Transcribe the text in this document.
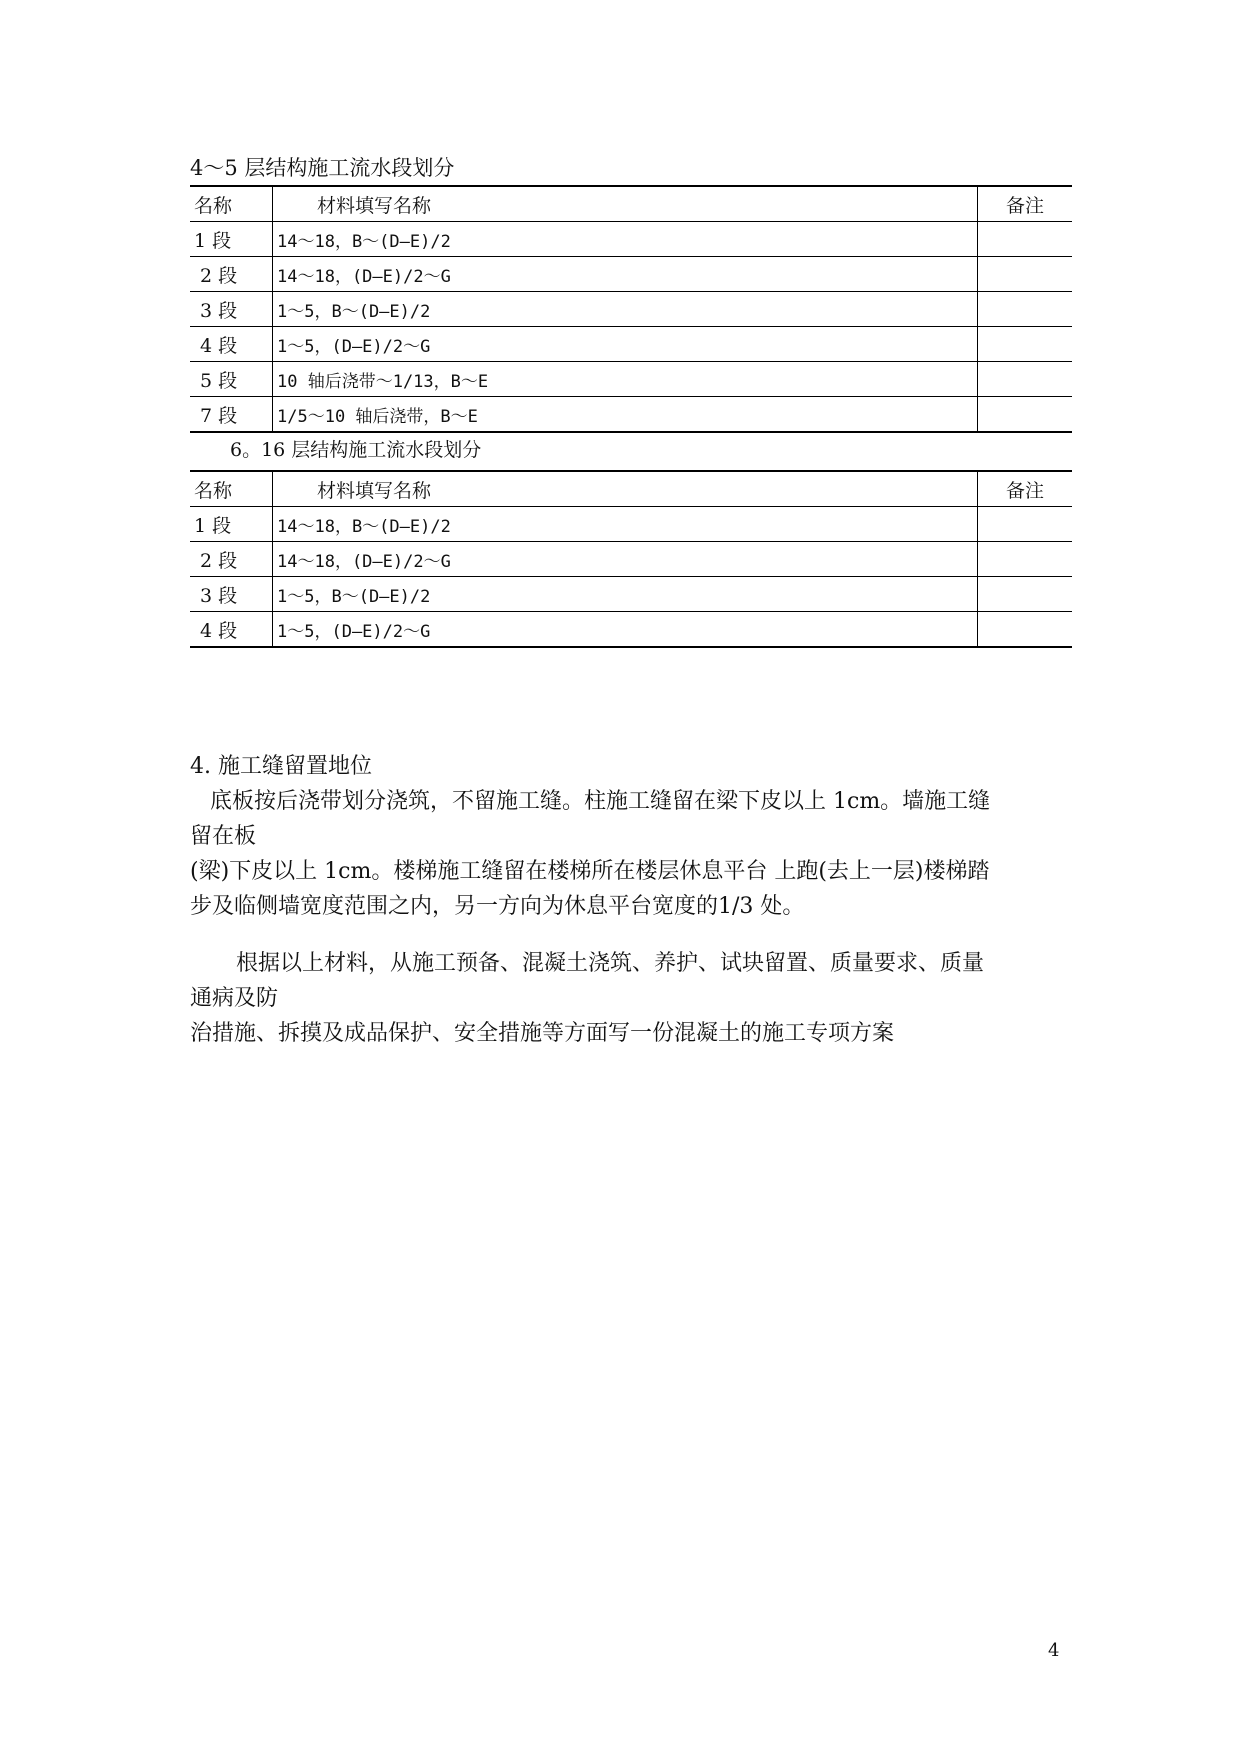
4～5 层结构施工流水段划分
名称	材料填写名称	备注
1 段	14～18，B～(D—E)/2	
2 段	14～18，(D—E)/2～G	
3 段	1～5，B～(D—E)/2	
4 段	1～5，(D—E)/2～G	
5 段	10 轴后浇带～1/13，B～E	
7 段	1/5～10 轴后浇带，B～E	
6。16 层结构施工流水段划分
名称	材料填写名称	备注
1 段	14～18，B～(D—E)/2	
2 段	14～18，(D—E)/2～G	
3 段	1～5，B～(D—E)/2	
4 段	1～5，(D—E)/2～G	
4. 施工缝留置地位

底板按后浇带划分浇筑，不留施工缝。柱施工缝留在梁下皮以上 1cm。墙施工缝
留在板
(梁)下皮以上 1cm。楼梯施工缝留在楼梯所在楼层休息平台 上跑(去上一层)楼梯踏
步及临侧墙宽度范围之内，另一方向为休息平台宽度的1/3 处。

根据以上材料，从施工预备、混凝土浇筑、养护、试块留置、质量要求、质量
通病及防
治措施、拆摸及成品保护、安全措施等方面写一份混凝土的施工专项方案

4
